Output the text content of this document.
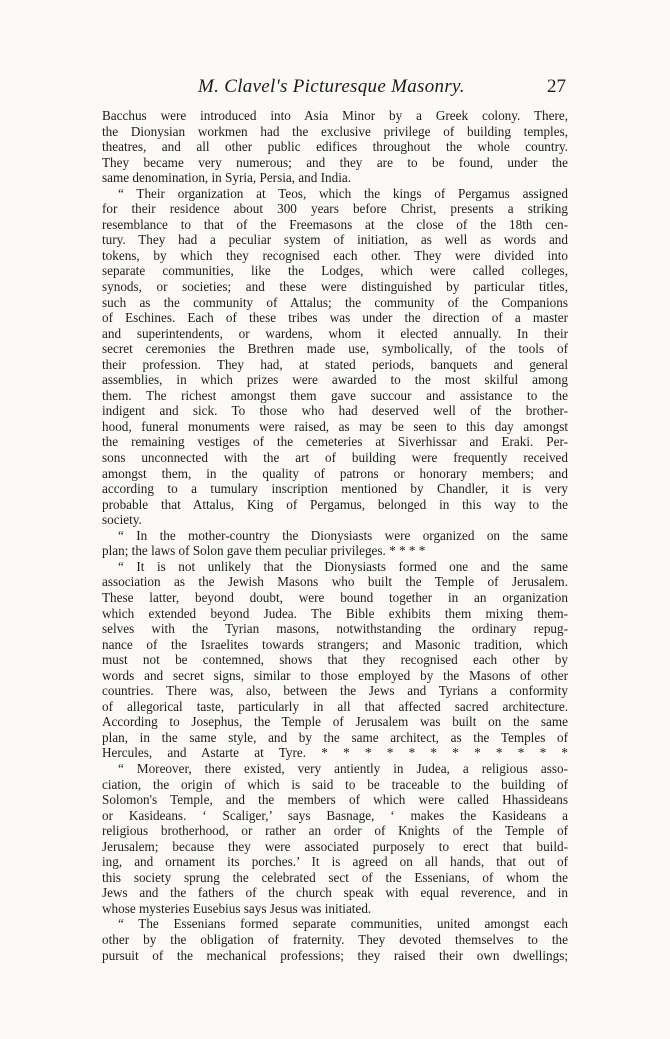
M. Clavel's Picturesque Masonry.	27
Bacchus were introduced into Asia Minor by a Greek colony. There,
the Dionysian workmen had the exclusive privilege of building temples,
theatres, and all other public edifices throughout the whole country.
They became very numerous; and they are to be found, under the
same denomination, in Syria, Persia, and India.
“ Their organization at Teos, which the kings of Pergamus assigned
for their residence about 300 years before Christ, presents a striking
resemblance to that of the Freemasons at the close of the 18th cen-
tury. They had a peculiar system of initiation, as well as words and
tokens, by which they recognised each other. They were divided into
separate communities, like the Lodges, which were called colleges,
synods, or societies; and these were distinguished by particular titles,
such as the community of Attalus; the community of the Companions
of Eschines. Each of these tribes was under the direction of a master
and superintendents, or wardens, whom it elected annually. In their
secret ceremonies the Brethren made use, symbolically, of the tools of
their profession. They had, at stated periods, banquets and general
assemblies, in which prizes were awarded to the most skilful among
them. The richest amongst them gave succour and assistance to the
indigent and sick. To those who had deserved well of the brother-
hood, funeral monuments were raised, as may be seen to this day amongst
the remaining vestiges of the cemeteries at Siverhissar and Eraki. Per-
sons unconnected with the art of building were frequently received
amongst them, in the quality of patrons or honorary members; and
according to a tumulary inscription mentioned by Chandler, it is very
probable that Attalus, King of Pergamus, belonged in this way to the
society.
“ In the mother-country the Dionysiasts were organized on the same
plan; the laws of Solon gave them peculiar privileges. * * * *
“ It is not unlikely that the Dionysiasts formed one and the same
association as the Jewish Masons who built the Temple of Jerusalem.
These latter, beyond doubt, were bound together in an organization
which extended beyond Judea. The Bible exhibits them mixing them-
selves with the Tyrian masons, notwithstanding the ordinary repug-
nance of the Israelites towards strangers; and Masonic tradition, which
must not be contemned, shows that they recognised each other by
words and secret signs, similar to those employed by the Masons of other
countries. There was, also, between the Jews and Tyrians a conformity
of allegorical taste, particularly in all that affected sacred architecture.
According to Josephus, the Temple of Jerusalem was built on the same
plan, in the same style, and by the same architect, as the Temples of
Hercules, and Astarte at Tyre. * * * * * * * * * * * *
“ Moreover, there existed, very antiently in Judea, a religious asso-
ciation, the origin of which is said to be traceable to the building of
Solomon's Temple, and the members of which were called Hhassideans
or Kasideans. ‘ Scaliger,’ says Basnage, ‘ makes the Kasideans a
religious brotherhood, or rather an order of Knights of the Temple of
Jerusalem; because they were associated purposely to erect that build-
ing, and ornament its porches.’ It is agreed on all hands, that out of
this society sprung the celebrated sect of the Essenians, of whom the
Jews and the fathers of the church speak with equal reverence, and in
whose mysteries Eusebius says Jesus was initiated.
“ The Essenians formed separate communities, united amongst each
other by the obligation of fraternity. They devoted themselves to the
pursuit of the mechanical professions; they raised their own dwellings;
